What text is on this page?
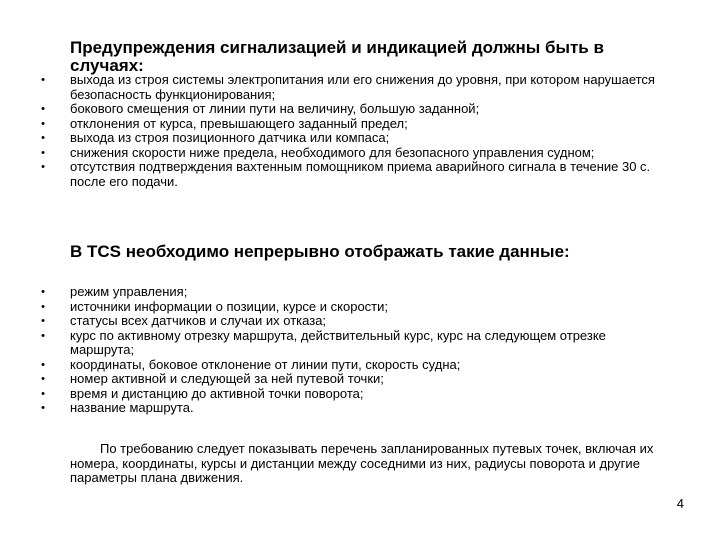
Предупреждения сигнализацией и индикацией должны быть в случаях:
• выхода из строя системы электропитания или его снижения до уровня, при котором нарушается безопасность функционирования;
• бокового смещения от линии пути на величину, большую заданной;
• отклонения от курса, превышающего заданный предел;
• выхода из строя позиционного датчика или компаса;
• снижения скорости ниже предела, необходимого для безопасного управления судном;
• отсутствия подтверждения вахтенным помощником приема аварийного сигнала в течение 30 с. после его подачи.
В TCS необходимо непрерывно отображать такие данные:
• режим управления;
• источники информации о позиции, курсе и скорости;
• статусы всех датчиков и случаи их отказа;
• курс по активному отрезку маршрута, действительный курс, курс на следующем отрезке маршрута;
• координаты, боковое отклонение от линии пути, скорость судна;
• номер активной и следующей за ней путевой точки;
• время и дистанцию до активной точки поворота;
• название маршрута.

По требованию следует показывать перечень запланированных путевых точек, включая их номера, координаты, курсы и дистанции между соседними из них, радиусы поворота и другие параметры плана движения.

4
